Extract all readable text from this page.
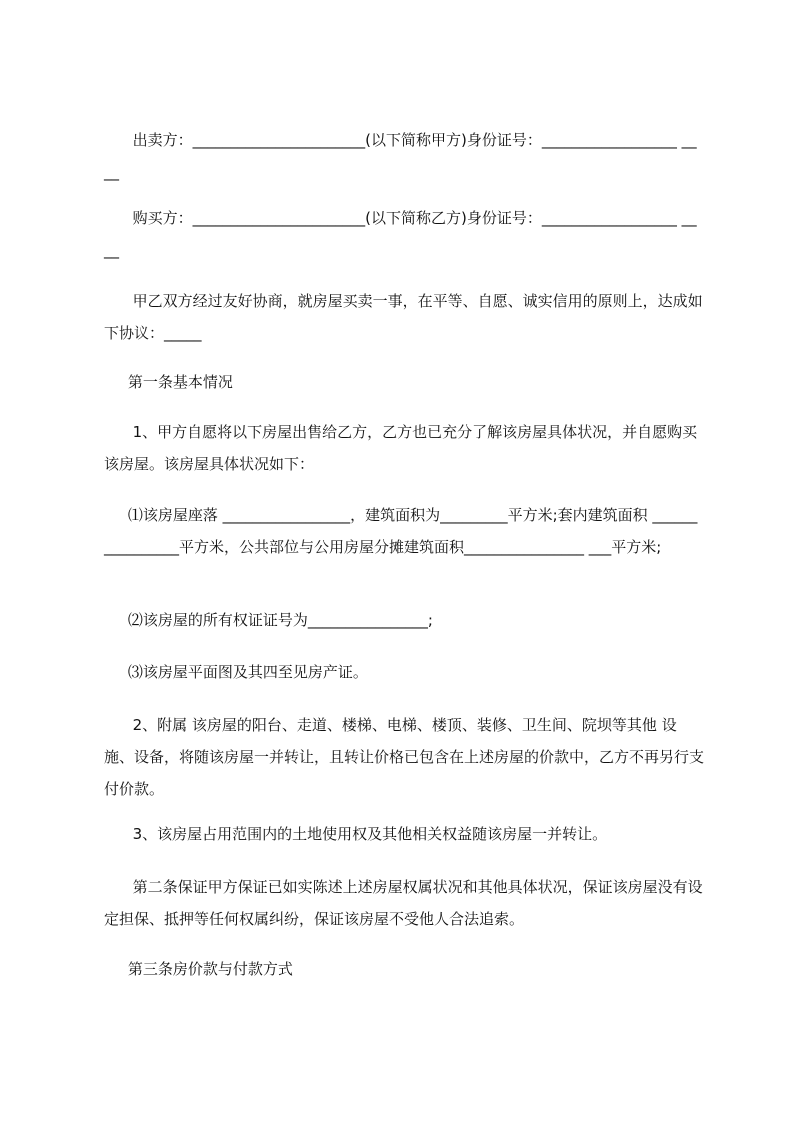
出卖方：_______________________(以下简称甲方)身份证号：__________________ ____

购买方：_______________________(以下简称乙方)身份证号：__________________ ____

甲乙双方经过友好协商，就房屋买卖一事，在平等、自愿、诚实信用的原则上，达成如下协议：_____

第一条基本情况

1、甲方自愿将以下房屋出售给乙方，乙方也已充分了解该房屋具体状况，并自愿购买该房屋。该房屋具体状况如下：

⑴该房屋座落 _________________，建筑面积为_________平方米;套内建筑面积 ________________平方米，公共部位与公用房屋分摊建筑面积________________ ___平方米;

⑵该房屋的所有权证证号为________________;

⑶该房屋平面图及其四至见房产证。

2、附属 该房屋的阳台、走道、楼梯、电梯、楼顶、装修、卫生间、院坝等其他 设施、设备，将随该房屋一并转让，且转让价格已包含在上述房屋的价款中，乙方不再另行支付价款。

3、该房屋占用范围内的土地使用权及其他相关权益随该房屋一并转让。

第二条保证甲方保证已如实陈述上述房屋权属状况和其他具体状况，保证该房屋没有设定担保、抵押等任何权属纠纷，保证该房屋不受他人合法追索。

第三条房价款与付款方式
